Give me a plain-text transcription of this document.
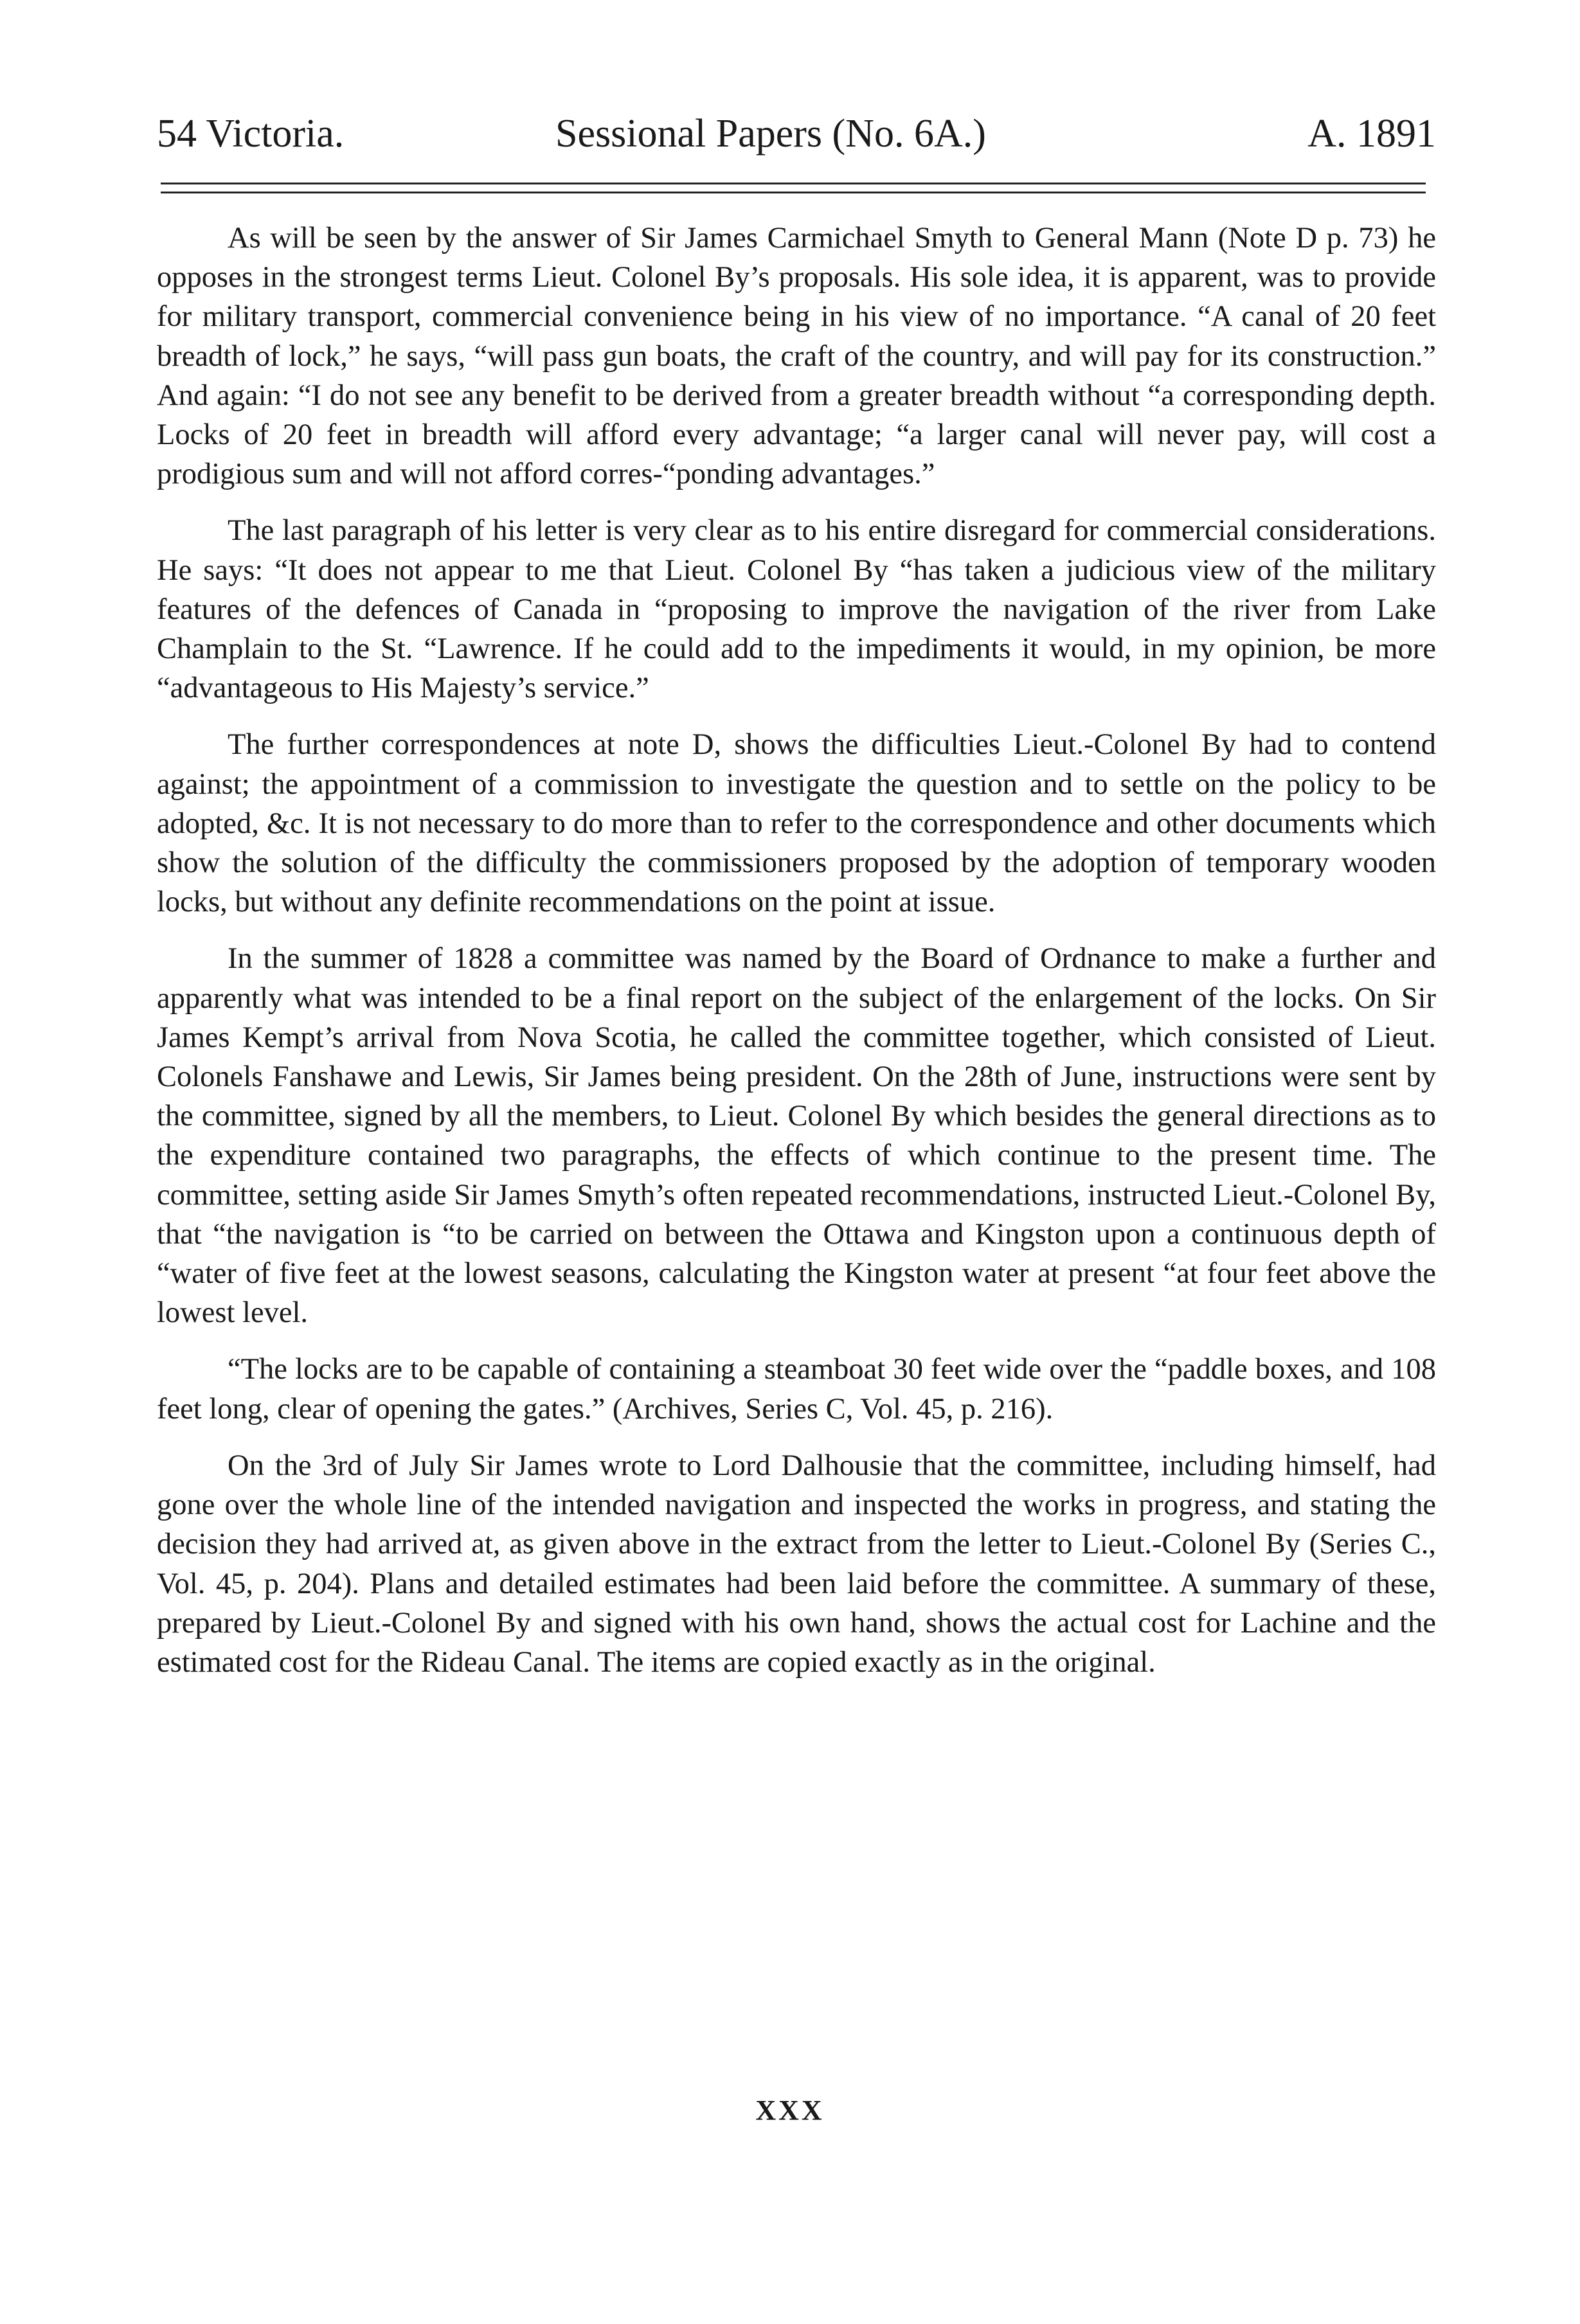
54 Victoria.	Sessional Papers (No. 6A.)	A. 1891

As will be seen by the answer of Sir James Carmichael Smyth to General Mann (Note D p. 73) he opposes in the strongest terms Lieut. Colonel By’s proposals. His sole idea, it is apparent, was to provide for military transport, commercial convenience being in his view of no importance. “A canal of 20 feet breadth of lock,” he says, “will pass gun boats, the craft of the country, and will pay for its construction.” And again: “I do not see any benefit to be derived from a greater breadth without “a corresponding depth. Locks of 20 feet in breadth will afford every advantage; “a larger canal will never pay, will cost a prodigious sum and will not afford corres-“ponding advantages.”

The last paragraph of his letter is very clear as to his entire disregard for commercial considerations. He says: “It does not appear to me that Lieut. Colonel By “has taken a judicious view of the military features of the defences of Canada in “proposing to improve the navigation of the river from Lake Champlain to the St. “Lawrence. If he could add to the impediments it would, in my opinion, be more “advantageous to His Majesty’s service.”

The further correspondences at note D, shows the difficulties Lieut.-Colonel By had to contend against; the appointment of a commission to investigate the question and to settle on the policy to be adopted, &c. It is not necessary to do more than to refer to the correspondence and other documents which show the solution of the difficulty the commissioners proposed by the adoption of temporary wooden locks, but without any definite recommendations on the point at issue.

In the summer of 1828 a committee was named by the Board of Ordnance to make a further and apparently what was intended to be a final report on the subject of the enlargement of the locks. On Sir James Kempt’s arrival from Nova Scotia, he called the committee together, which consisted of Lieut. Colonels Fanshawe and Lewis, Sir James being president. On the 28th of June, instructions were sent by the committee, signed by all the members, to Lieut. Colonel By which besides the general directions as to the expenditure contained two paragraphs, the effects of which continue to the present time. The committee, setting aside Sir James Smyth’s often repeated recommendations, instructed Lieut.-Colonel By, that “the navigation is “to be carried on between the Ottawa and Kingston upon a continuous depth of “water of five feet at the lowest seasons, calculating the Kingston water at present “at four feet above the lowest level.

“The locks are to be capable of containing a steamboat 30 feet wide over the “paddle boxes, and 108 feet long, clear of opening the gates.” (Archives, Series C, Vol. 45, p. 216).

On the 3rd of July Sir James wrote to Lord Dalhousie that the committee, including himself, had gone over the whole line of the intended navigation and inspected the works in progress, and stating the decision they had arrived at, as given above in the extract from the letter to Lieut.-Colonel By (Series C., Vol. 45, p. 204). Plans and detailed estimates had been laid before the committee. A summary of these, prepared by Lieut.-Colonel By and signed with his own hand, shows the actual cost for Lachine and the estimated cost for the Rideau Canal. The items are copied exactly as in the original.

XXX
